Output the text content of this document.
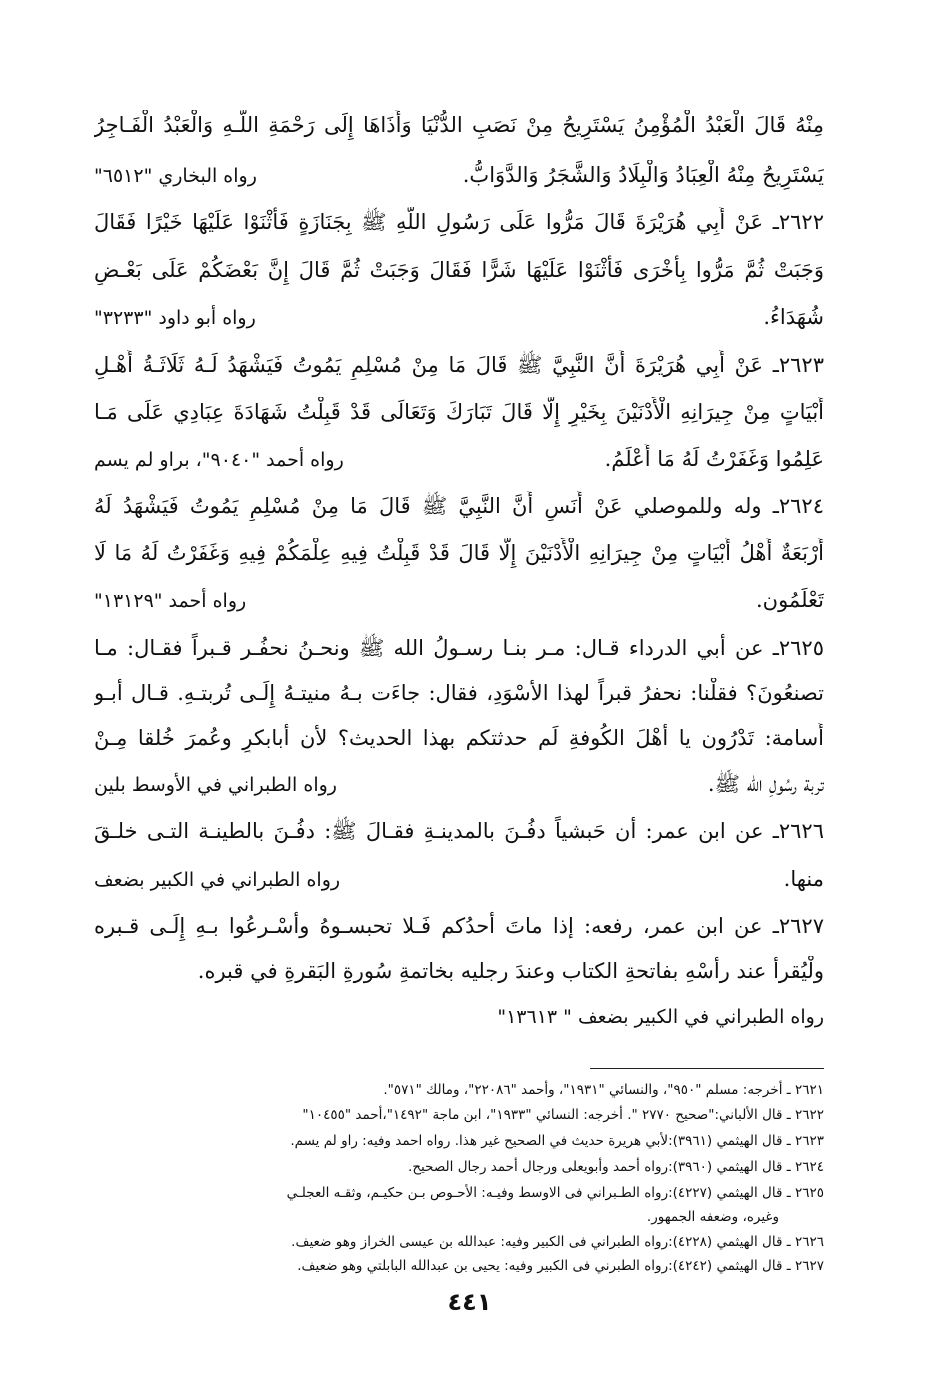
مِنْهُ قَالَ الْعَبْدُ الْمُؤْمِنُ يَسْتَرِيحُ مِنْ نَصَبِ الدُّنْيَا وَأَذَاهَا إِلَى رَحْمَةِ اللَّـهِ وَالْعَبْدُ الْفَـاجِرُ
يَسْتَرِيحُ مِنْهُ الْعِبَادُ وَالْبِلَادُ وَالشَّجَرُ وَالدَّوَابُّ.
رواه البخاري "٦٥١٢"
٢٦٢٢ـ عَنْ أَبِي هُرَيْرَةَ قَالَ مَرُّوا عَلَى رَسُولِ اللَّهِ ﷺ بِجَنَازَةٍ فَأَثْنَوْا عَلَيْهَا خَيْرًا فَقَالَ
وَجَبَتْ ثُمَّ مَرُّوا بِأُخْرَى فَأَثْنَوْا عَلَيْهَا شَرًّا فَقَالَ وَجَبَتْ ثُمَّ قَالَ إِنَّ بَعْضَكُمْ عَلَى بَعْـضٍ
شُهَدَاءُ.
رواه أبو داود "٣٢٣٣"
٢٦٢٣ـ عَنْ أَبِي هُرَيْرَةَ أَنَّ النَّبِيَّ ﷺ قَالَ مَا مِنْ مُسْلِمٍ يَمُوتُ فَيَشْهَدُ لَـهُ ثَلَاثَـةُ أَهْـلِ
أَبْيَاتٍ مِنْ جِيرَانِهِ الْأَدْنَيْنَ بِخَيْرٍ إِلَّا قَالَ تَبَارَكَ وَتَعَالَى قَدْ قَبِلْتُ شَهَادَةَ عِبَادِي عَلَى مَـا
عَلِمُوا وَغَفَرْتُ لَهُ مَا أَعْلَمُ.
رواه أحمد "٩٠٤٠"، براو لم يسم
٢٦٢٤ـ وله وللموصلي عَنْ أَنَسٍ أَنَّ النَّبِيَّ ﷺ قَالَ مَا مِنْ مُسْلِمٍ يَمُوتُ فَيَشْهَدُ لَهُ
أَرْبَعَةٌ أَهْلُ أَبْيَاتٍ مِنْ جِيرَانِهِ الْأَدْنَيْنَ إِلَّا قَالَ قَدْ قَبِلْتُ فِيهِ عِلْمَكُمْ فِيهِ وَغَفَرْتُ لَهُ مَا لَا
تَعْلَمُون.
رواه أحمد "١٣١٢٩"
٢٦٢٥ـ عن أبي الدرداء قـال: مـر بنـا رسـولُ الله ﷺ ونحـنُ نحفُـر قـبراً فقـال: مـا
تصنعُونَ؟ فقلْنا: نحفرُ قبراً لهذا الأسْوَدِ، فقال: جاءَت بـهُ منيتـهُ إِلَـى تُربتـهِ. قـال أبـو
أُسامة: تَدْرُون يا أهْلَ الكُوفةِ لَم حدثتكم بهذا الحديث؟ لأن أبابكرٍ وعُمرَ خُلقا مِـنْ
تربة رسُولِ الله ﷺ.
رواه الطبراني في الأوسط بلين
٢٦٢٦ـ عن ابن عمر: أن حَبشياً دفُـنَ بالمدينـةِ فقـالَ ﷺ: دفُـنَ بالطينـة التـى خلـقَ
منها.
رواه الطبراني في الكبير بضعف
٢٦٢٧ـ عن ابن عمر، رفعه: إذا ماتَ أحدُكم فَـلا تحبسـوهُ وأسْـرعُوا بـهِ إِلَـى قـبره
ولْيُقرأ عند رأسْهِ بفاتحةِ الكتاب وعندَ رجليه بخاتمةِ سُورةِ البَقرةِ في قبره.
رواه الطبراني في الكبير بضعف " ١٣٦١٣"
٢٦٢١ ـ أخرجه: مسلم "٩٥٠"، والنسائي "١٩٣١"، وأحمد "٢٢٠٨٦"، ومالك "٥٧١".
٢٦٢٢ ـ قال الألباني:"صحيح ٢٧٧٠ ". أخرجه: النسائي "١٩٣٣"، ابن ماجة "١٤٩٢"،أحمد "١٠٤٥٥"
٢٦٢٣ ـ قال الهيثمي (٣٩٦١):لأبي هريرة حديث في الصحيح غير هذا. رواه احمد وفيه: راو لم يسم.
٢٦٢٤ ـ قال الهيثمي (٣٩٦٠):رواه أحمد وأبويعلى ورجال أحمد رجال الصحيح.
٢٦٢٥ ـ قال الهيثمي (٤٢٢٧):رواه الطـبراني فى الاوسط وفيـه: الأحـوص بـن حكيـم، وثقـه العجلـي
وغيره، وضعفه الجمهور.
٢٦٢٦ ـ قال الهيثمي (٤٢٢٨):رواه الطبراني فى الكبير وفيه: عبدالله بن عيسى الخراز وهو ضعيف.
٢٦٢٧ ـ قال الهيثمي (٤٢٤٢):رواه الطبرني فى الكبير وفيه: يحيى بن عبدالله البابلتي وهو ضعيف.
٤٤١
